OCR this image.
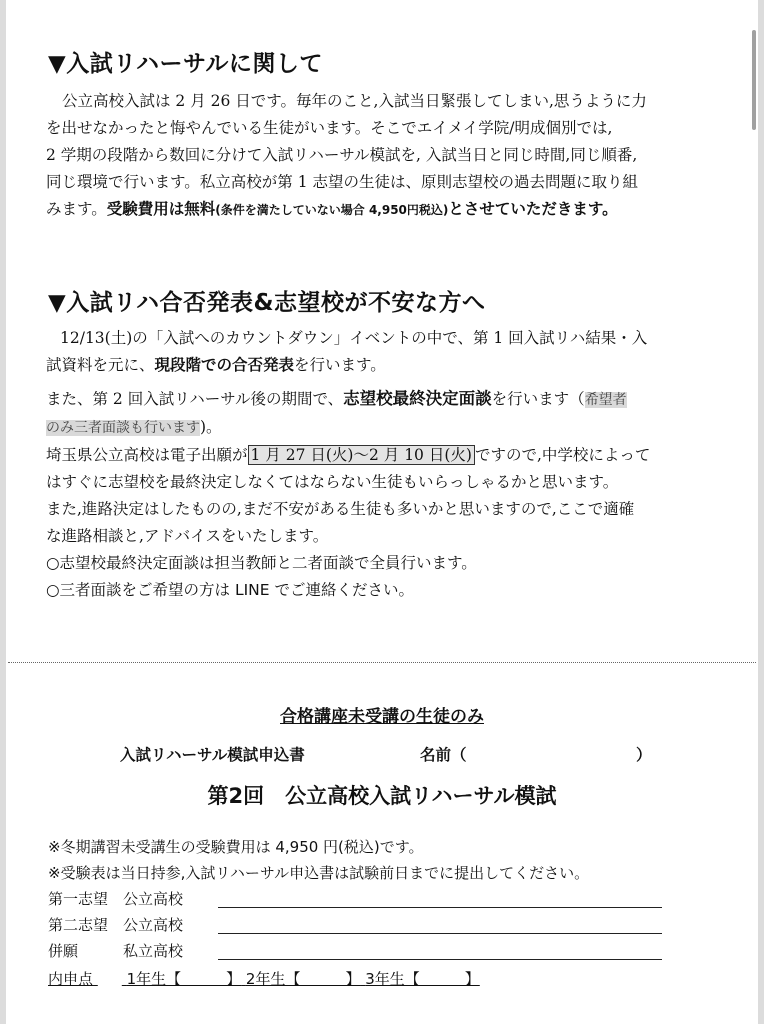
▼入試リハーサルに関して
公立高校入試は 2 月 26 日です。毎年のこと,入試当日緊張してしまい,思うように力
を出せなかったと悔やんでいる生徒がいます。そこでエイメイ学院/明成個別では,
2 学期の段階から数回に分けて入試リハーサル模試を, 入試当日と同じ時間,同じ順番,
同じ環境で行います。私立高校が第 1 志望の生徒は、原則志望校の過去問題に取り組
みます。受験費用は無料(条件を満たしていない場合 4,950円税込)とさせていただきます。
▼入試リハ合否発表&志望校が不安な方へ
12/13(土)の「入試へのカウントダウン」イベントの中で、第 1 回入試リハ結果・入
試資料を元に、現段階での合否発表を行います。
また、第 2 回入試リハーサル後の期間で、志望校最終決定面談を行います（希望者
のみ三者面談も行います)。
埼玉県公立高校は電子出願が 1 月 27 日(火)〜2 月 10 日(火) ですので,中学校によって
はすぐに志望校を最終決定しなくてはならない生徒もいらっしゃるかと思います。
また,進路決定はしたものの,まだ不安がある生徒も多いかと思いますので,ここで適確
な進路相談と,アドバイスをいたします。
○志望校最終決定面談は担当教師と二者面談で全員行います。
○三者面談をご希望の方は LINE でご連絡ください。
合格講座未受講の生徒のみ
入試リハーサル模試申込書	名前（	）
第2回　公立高校入試リハーサル模試
※冬期講習未受講生の受験費用は 4,950 円(税込)です。
※受験表は当日持参,入試リハーサル申込書は試験前日までに提出してください。
第一志望　公立高校
第二志望　公立高校
併願　　　私立高校
内申点 1年生【　　　】 2年生【　　　】 3年生【　　　】
